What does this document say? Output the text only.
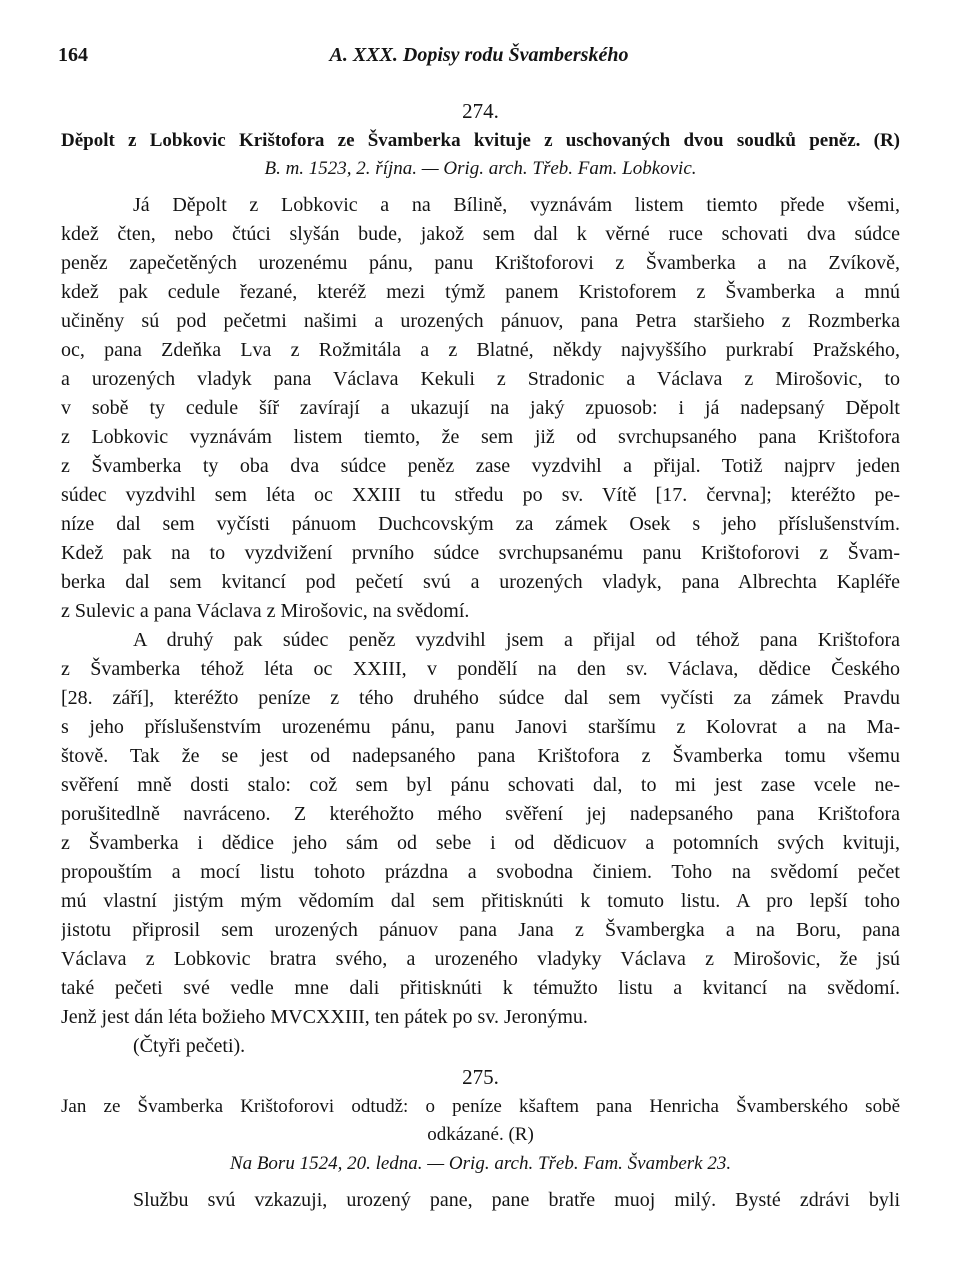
164	A. XXX. Dopisy rodu Švamberského
274.
Děpolt z Lobkovic Krištofora ze Švamberka kvituje z uschovaných dvou soudků peněz. (R)
B. m. 1523, 2. října. — Orig. arch. Třeb. Fam. Lobkovic.
Já Děpolt z Lobkovic a na Bílině, vyznávám listem tiemto přede všemi,
kdež čten, nebo čtúci slyšán bude, jakož sem dal k věrné ruce schovati dva súdce
peněz zapečetěných urozenému pánu, panu Krištoforovi z Švamberka a na Zvíkově,
kdež pak cedule řezané, kteréž mezi týmž panem Kristoforem z Švamberka a mnú
učiněny sú pod pečetmi našimi a urozených pánuov, pana Petra staršieho z Rozmberka
oc, pana Zdeňka Lva z Rožmitála a z Blatné, někdy najvyššího purkrabí Pražského,
a urozených vladyk pana Václava Kekuli z Stradonic a Václava z Mirošovic, to
v sobě ty cedule šíř zavírají a ukazují na jaký zpuosob: i já nadepsaný Děpolt
z Lobkovic vyznávám listem tiemto, že sem již od svrchupsaného pana Krištofora
z Švamberka ty oba dva súdce peněz zase vyzdvihl a přijal. Totiž najprv jeden
súdec vyzdvihl sem léta oc XXIII tu středu po sv. Vítě [17. června]; kteréžto pe-
níze dal sem vyčísti pánuom Duchcovským za zámek Osek s jeho příslušenstvím.
Kdež pak na to vyzdvižení prvního súdce svrchupsanému panu Krištoforovi z Švam-
berka dal sem kvitancí pod pečetí svú a urozených vladyk, pana Albrechta Kapléře
z Sulevic a pana Václava z Mirošovic, na svědomí.
A druhý pak súdec peněz vyzdvihl jsem a přijal od téhož pana Krištofora
z Švamberka téhož léta oc XXIII, v pondělí na den sv. Václava, dědice Českého
[28. září], kteréžto peníze z tého druhého súdce dal sem vyčísti za zámek Pravdu
s jeho příslušenstvím urozenému pánu, panu Janovi staršímu z Kolovrat a na Ma-
štově. Tak že se jest od nadepsaného pana Krištofora z Švamberka tomu všemu
svěření mně dosti stalo: což sem byl pánu schovati dal, to mi jest zase vcele ne-
porušitedlně navráceno. Z kteréhožto mého svěření jej nadepsaného pana Krištofora
z Švamberka i dědice jeho sám od sebe i od dědicuov a potomních svých kvituji,
propouštím a mocí listu tohoto prázdna a svobodna činiem. Toho na svědomí pečet
mú vlastní jistým mým vědomím dal sem přitisknúti k tomuto listu. A pro lepší toho
jistotu připrosil sem urozených pánuov pana Jana z Švambergka a na Boru, pana
Václava z Lobkovic bratra svého, a urozeného vladyky Václava z Mirošovic, že jsú
také pečeti své vedle mne dali přitisknúti k témužto listu a kvitancí na svědomí.
Jenž jest dán léta božieho MVCXXIII, ten pátek po sv. Jeronýmu.
(Čtyři pečeti).
275.
Jan ze Švamberka Krištoforovi odtudž: o peníze kšaftem pana Henricha Švamberského sobě
odkázané. (R)
Na Boru 1524, 20. ledna. — Orig. arch. Třeb. Fam. Švamberk 23.
Službu svú vzkazuji, urozený pane, pane bratře muoj milý. Bysté zdrávi byli
